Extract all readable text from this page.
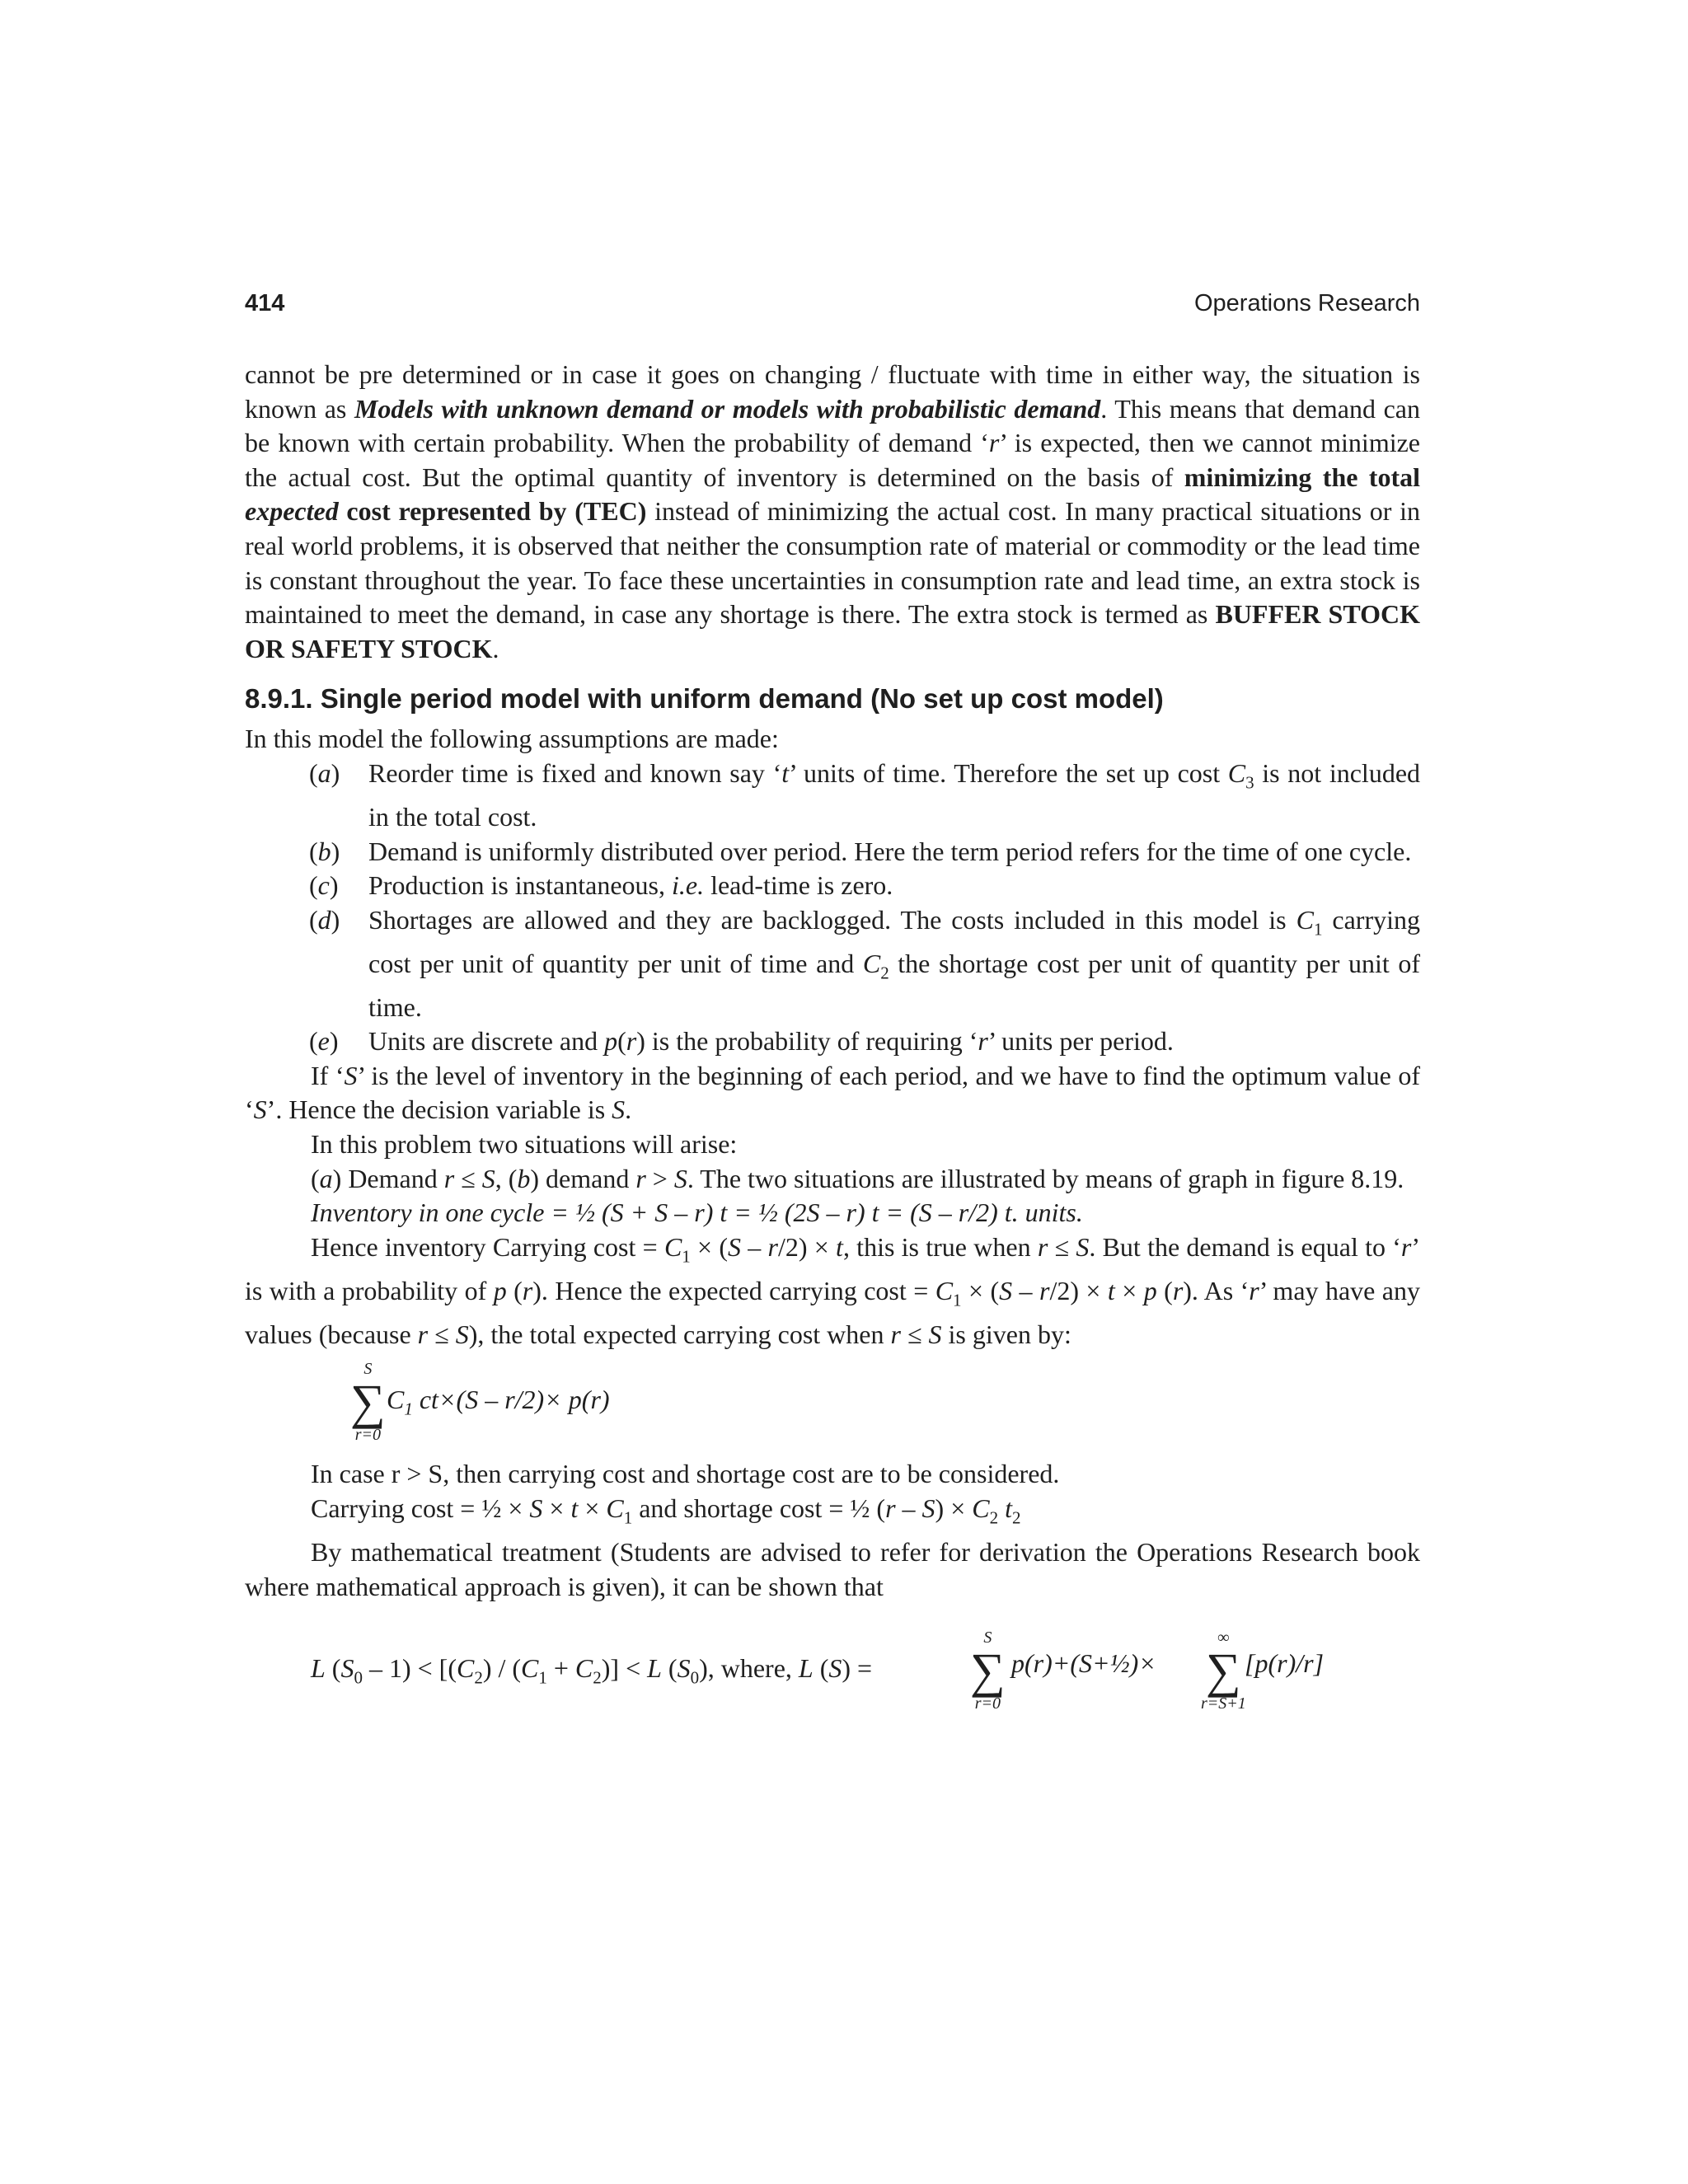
414	Operations Research

cannot be pre determined or in case it goes on changing / fluctuate with time in either way, the situation is known as Models with unknown demand or models with probabilistic demand. This means that demand can be known with certain probability. When the probability of demand ‘r’ is expected, then we cannot minimize the actual cost. But the optimal quantity of inventory is determined on the basis of minimizing the total expected cost represented by (TEC) instead of minimizing the actual cost. In many practical situations or in real world problems, it is observed that neither the consumption rate of material or commodity or the lead time is constant throughout the year. To face these uncertainties in consumption rate and lead time, an extra stock is maintained to meet the demand, in case any shortage is there. The extra stock is termed as BUFFER STOCK OR SAFETY STOCK.

8.9.1. Single period model with uniform demand (No set up cost model)

In this model the following assumptions are made:

(a) Reorder time is fixed and known say ‘t’ units of time. Therefore the set up cost $C_3$ is not included in the total cost.
(b) Demand is uniformly distributed over period. Here the term period refers for the time of one cycle.
(c) Production is instantaneous, i.e. lead-time is zero.
(d) Shortages are allowed and they are backlogged. The costs included in this model is $C_1$ carrying cost per unit of quantity per unit of time and $C_2$ the shortage cost per unit of quantity per unit of time.
(e) Units are discrete and p(r) is the probability of requiring ‘r’ units per period.

If ‘S’ is the level of inventory in the beginning of each period, and we have to find the optimum value of ‘S’. Hence the decision variable is S.

In this problem two situations will arise:

(a) Demand r ≤ S, (b) demand r > S. The two situations are illustrated by means of graph in figure 8.19.

Inventory in one cycle = ½ (S + S – r) t = ½ (2S – r) t = (S – r/2) t. units.

Hence inventory Carrying $\cos t = C_1 \times (S - r/2) \times t$, this is true when r ≤ S. But the demand is equal to ‘r’ is with a probability of p (r). Hence the expected carrying $\cos t = C_1 \times (S - r/2) \times t \times p$ (r). As ‘r’ may have any values (because r ≤ S), the total expected carrying cost when r ≤ S is given by:

S
∑
r=0
$C_1$ ct×(S – r/2)× p(r)

In case r > S, then carrying cost and shortage cost are to be considered.

Carrying cost = ½ × $S \times t \times C_1$ and shortage cost = ½ $(r - S) \times C_2$ $t_2$

By mathematical treatment (Students are advised to refer for derivation the Operations Research book where mathematical approach is given), it can be shown that

L $(S_0 - 1) < [(C_2) / (C_1 + C_2)] < L$ $(S_0)$, where, L (S) =
S
∑
r=0
p(r)+(S+½)×
∞
∑
r=S+1
[p(r)/r]
